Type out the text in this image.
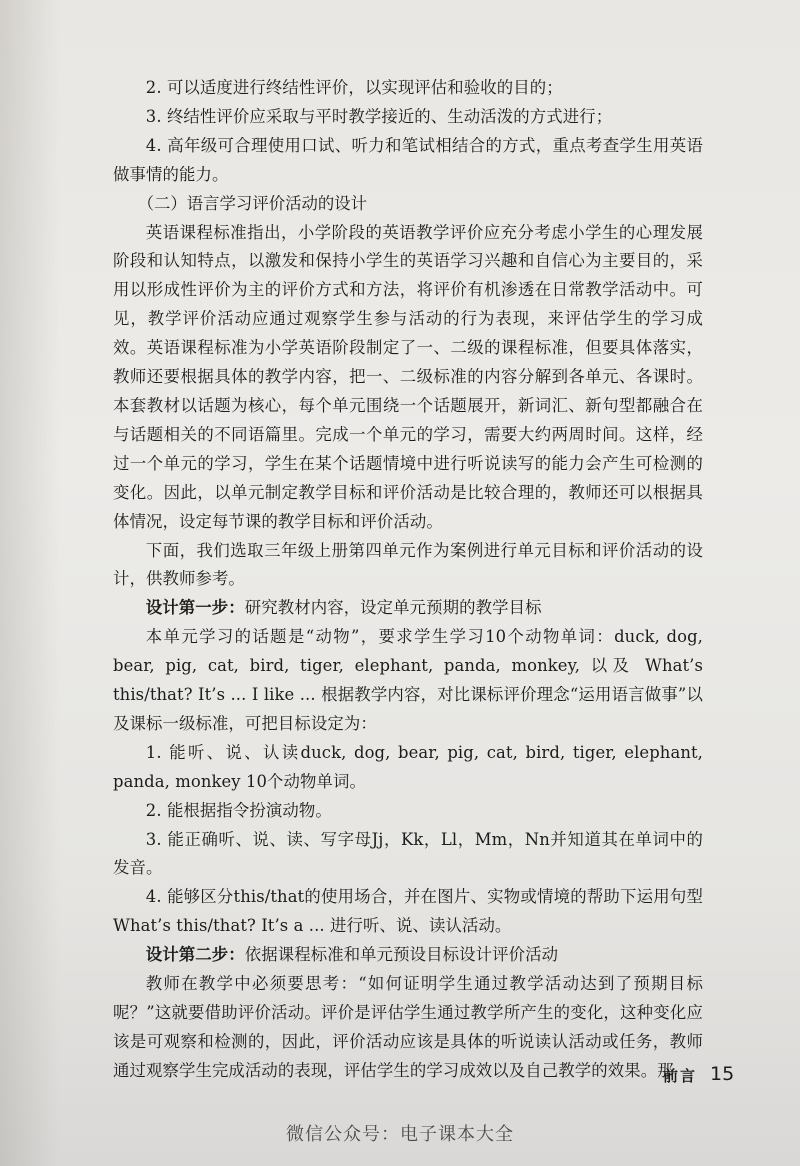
2. 可以适度进行终结性评价，以实现评估和验收的目的；

3. 终结性评价应采取与平时教学接近的、生动活泼的方式进行；

4. 高年级可合理使用口试、听力和笔试相结合的方式，重点考查学生用英语做事情的能力。

（二）语言学习评价活动的设计

英语课程标准指出，小学阶段的英语教学评价应充分考虑小学生的心理发展阶段和认知特点，以激发和保持小学生的英语学习兴趣和自信心为主要目的，采用以形成性评价为主的评价方式和方法，将评价有机渗透在日常教学活动中。可见，教学评价活动应通过观察学生参与活动的行为表现，来评估学生的学习成效。英语课程标准为小学英语阶段制定了一、二级的课程标准，但要具体落实，教师还要根据具体的教学内容，把一、二级标准的内容分解到各单元、各课时。本套教材以话题为核心，每个单元围绕一个话题展开，新词汇、新句型都融合在与话题相关的不同语篇里。完成一个单元的学习，需要大约两周时间。这样，经过一个单元的学习，学生在某个话题情境中进行听说读写的能力会产生可检测的变化。因此，以单元制定教学目标和评价活动是比较合理的，教师还可以根据具体情况，设定每节课的教学目标和评价活动。

下面，我们选取三年级上册第四单元作为案例进行单元目标和评价活动的设计，供教师参考。

设计第一步：研究教材内容，设定单元预期的教学目标

本单元学习的话题是“动物”，要求学生学习10个动物单词：duck, dog, bear, pig, cat, bird, tiger, elephant, panda, monkey, 以及 What’s this/that? It’s ... I like ... 根据教学内容，对比课标评价理念“运用语言做事”以及课标一级标准，可把目标设定为：

1. 能听、说、认读duck, dog, bear, pig, cat, bird, tiger, elephant, panda, monkey 10个动物单词。

2. 能根据指令扮演动物。

3. 能正确听、说、读、写字母Jj，Kk，Ll，Mm，Nn并知道其在单词中的发音。

4. 能够区分this/that的使用场合，并在图片、实物或情境的帮助下运用句型What’s this/that? It’s a ... 进行听、说、读认活动。

设计第二步：依据课程标准和单元预设目标设计评价活动

教师在教学中必须要思考：“如何证明学生通过教学活动达到了预期目标呢？”这就要借助评价活动。评价是评估学生通过教学所产生的变化，这种变化应该是可观察和检测的，因此，评价活动应该是具体的听说读认活动或任务，教师通过观察学生完成活动的表现，评估学生的学习成效以及自己教学的效果。那

前言 15
微信公众号：电子课本大全
